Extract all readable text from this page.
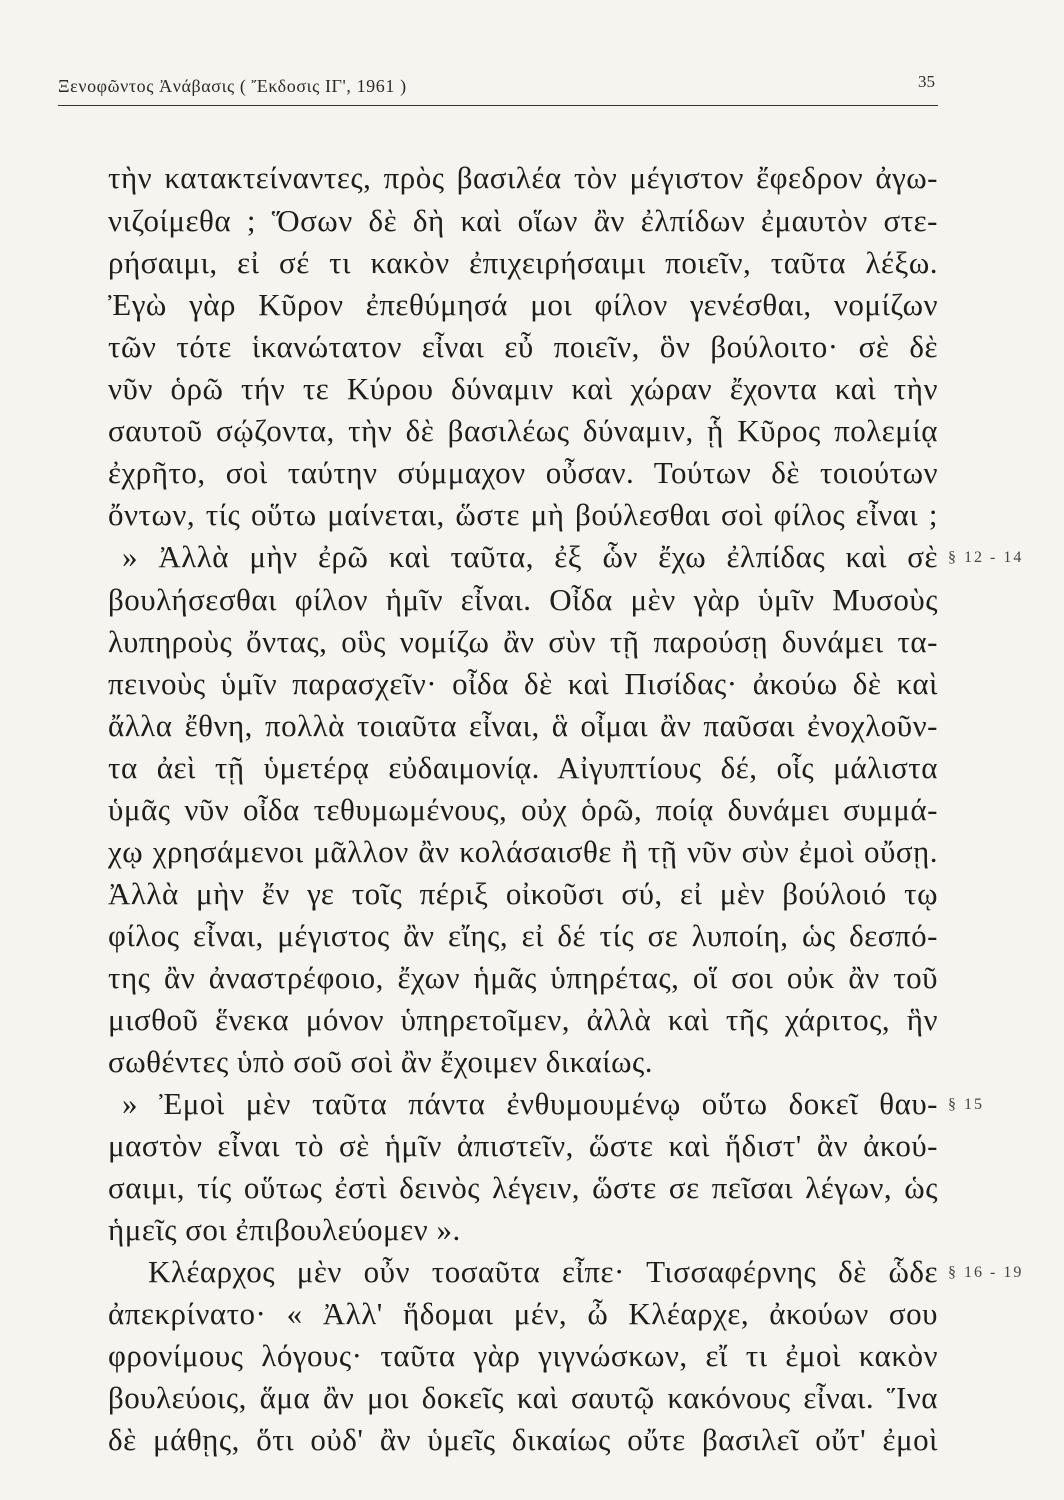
Ξενοφῶντος Ἀνάβασις ( Ἔκδοσις ΙΓ', 1961 )	35
τὴν κατακτείναντες, πρὸς βασιλέα τὸν μέγιστον ἔφεδρον ἀγω-
νιζοίμεθα ; Ὅσων δὲ δὴ καὶ οἵων ἂν ἐλπίδων ἐμαυτὸν στε-
ρήσαιμι, εἰ σέ τι κακὸν ἐπιχειρήσαιμι ποιεῖν, ταῦτα λέξω.
Ἐγὼ γὰρ Κῦρον ἐπεθύμησά μοι φίλον γενέσθαι, νομίζων
τῶν τότε ἱκανώτατον εἶναι εὖ ποιεῖν, ὃν βούλοιτο· σὲ δὲ
νῦν ὁρῶ τήν τε Κύρου δύναμιν καὶ χώραν ἔχοντα καὶ τὴν
σαυτοῦ σῴζοντα, τὴν δὲ βασιλέως δύναμιν, ᾗ Κῦρος πολεμίᾳ
ἐχρῆτο, σοὶ ταύτην σύμμαχον οὖσαν. Τούτων δὲ τοιούτων
ὄντων, τίς οὕτω μαίνεται, ὥστε μὴ βούλεσθαι σοὶ φίλος εἶναι ;
» Ἀλλὰ μὴν ἐρῶ καὶ ταῦτα, ἐξ ὧν ἔχω ἐλπίδας καὶ σὲ
βουλήσεσθαι φίλον ἡμῖν εἶναι. Οἶδα μὲν γὰρ ὑμῖν Μυσοὺς
λυπηροὺς ὄντας, οὓς νομίζω ἂν σὺν τῇ παρούσῃ δυνάμει τα-
πεινοὺς ὑμῖν παρασχεῖν· οἶδα δὲ καὶ Πισίδας· ἀκούω δὲ καὶ
ἄλλα ἔθνη, πολλὰ τοιαῦτα εἶναι, ἃ οἶμαι ἂν παῦσαι ἐνοχλοῦν-
τα ἀεὶ τῇ ὑμετέρᾳ εὐδαιμονίᾳ. Αἰγυπτίους δέ, οἷς μάλιστα
ὑμᾶς νῦν οἶδα τεθυμωμένους, οὐχ ὁρῶ, ποίᾳ δυνάμει συμμά-
χῳ χρησάμενοι μᾶλλον ἂν κολάσαισθε ἢ τῇ νῦν σὺν ἐμοὶ οὔσῃ.
Ἀλλὰ μὴν ἔν γε τοῖς πέριξ οἰκοῦσι σύ, εἰ μὲν βούλοιό τῳ
φίλος εἶναι, μέγιστος ἂν εἴης, εἰ δέ τίς σε λυποίη, ὡς δεσπό-
της ἂν ἀναστρέφοιο, ἔχων ἡμᾶς ὑπηρέτας, οἵ σοι οὐκ ἂν τοῦ
μισθοῦ ἕνεκα μόνον ὑπηρετοῖμεν, ἀλλὰ καὶ τῆς χάριτος, ἣν
σωθέντες ὑπὸ σοῦ σοὶ ἂν ἔχοιμεν δικαίως.
» Ἐμοὶ μὲν ταῦτα πάντα ἐνθυμουμένῳ οὕτω δοκεῖ θαυ-
μαστὸν εἶναι τὸ σὲ ἡμῖν ἀπιστεῖν, ὥστε καὶ ἥδιστ' ἂν ἀκού-
σαιμι, τίς οὕτως ἐστὶ δεινὸς λέγειν, ὥστε σε πεῖσαι λέγων, ὡς
ἡμεῖς σοι ἐπιβουλεύομεν ».
Κλέαρχος μὲν οὖν τοσαῦτα εἶπε· Τισσαφέρνης δὲ ὧδε
ἀπεκρίνατο· « Ἀλλ' ἥδομαι μέν, ὦ Κλέαρχε, ἀκούων σου
φρονίμους λόγους· ταῦτα γὰρ γιγνώσκων, εἴ τι ἐμοὶ κακὸν
βουλεύοις, ἅμα ἂν μοι δοκεῖς καὶ σαυτῷ κακόνους εἶναι. Ἵνα
δὲ μάθῃς, ὅτι οὐδ' ἂν ὑμεῖς δικαίως οὔτε βασιλεῖ οὔτ' ἐμοὶ
§ 12 - 14
§ 15
§ 16 - 19
